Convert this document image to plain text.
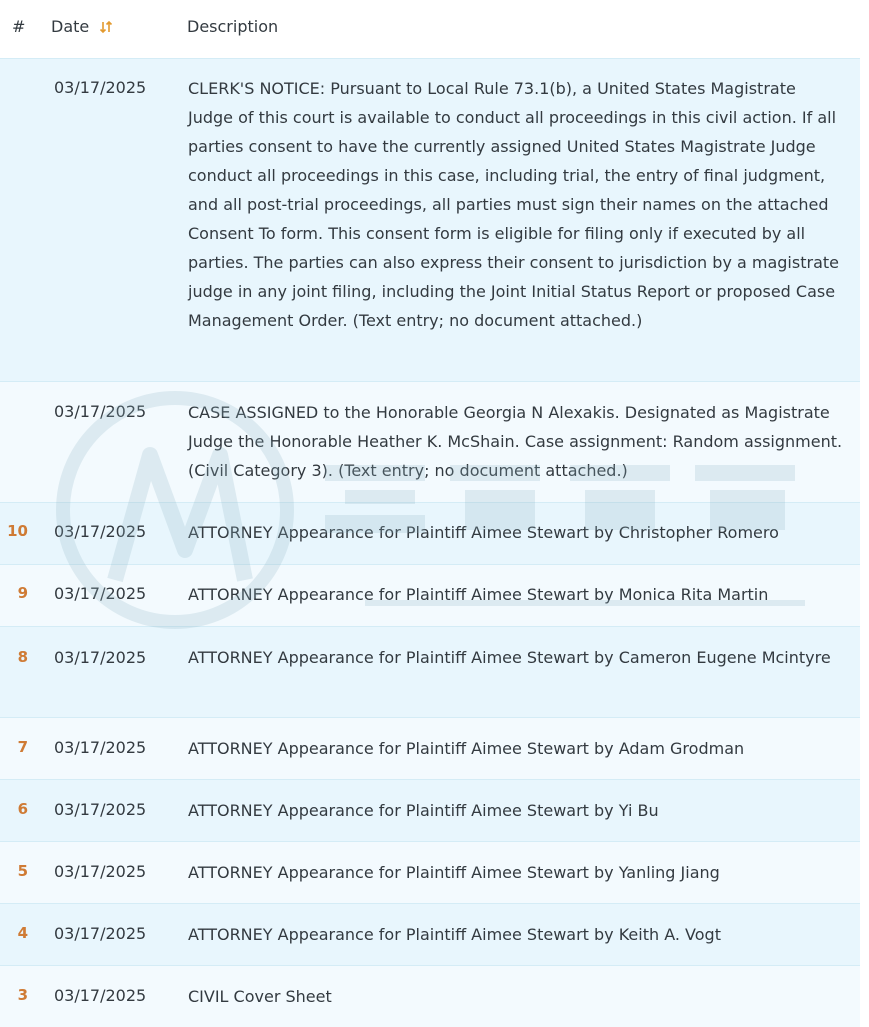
# Date	Description
03/17/2025	CLERK'S NOTICE: Pursuant to Local Rule 73.1(b), a United States Magistrate Judge of this court is available to conduct all proceedings in this civil action. If all parties consent to have the currently assigned United States Magistrate Judge conduct all proceedings in this case, including trial, the entry of final judgment, and all post-trial proceedings, all parties must sign their names on the attached Consent To form. This consent form is eligible for filing only if executed by all parties. The parties can also express their consent to jurisdiction by a magistrate judge in any joint filing, including the Joint Initial Status Report or proposed Case Management Order. (Text entry; no document attached.)
03/17/2025	CASE ASSIGNED to the Honorable Georgia N Alexakis. Designated as Magistrate Judge the Honorable Heather K. McShain. Case assignment: Random assignment. (Civil Category 3). (Text entry; no document attached.)
10 03/17/2025	ATTORNEY Appearance for Plaintiff Aimee Stewart by Christopher Romero
9 03/17/2025	ATTORNEY Appearance for Plaintiff Aimee Stewart by Monica Rita Martin
8 03/17/2025	ATTORNEY Appearance for Plaintiff Aimee Stewart by Cameron Eugene Mcintyre
7 03/17/2025	ATTORNEY Appearance for Plaintiff Aimee Stewart by Adam Grodman
6 03/17/2025	ATTORNEY Appearance for Plaintiff Aimee Stewart by Yi Bu
5 03/17/2025	ATTORNEY Appearance for Plaintiff Aimee Stewart by Yanling Jiang
4 03/17/2025	ATTORNEY Appearance for Plaintiff Aimee Stewart by Keith A. Vogt
3 03/17/2025	CIVIL Cover Sheet
